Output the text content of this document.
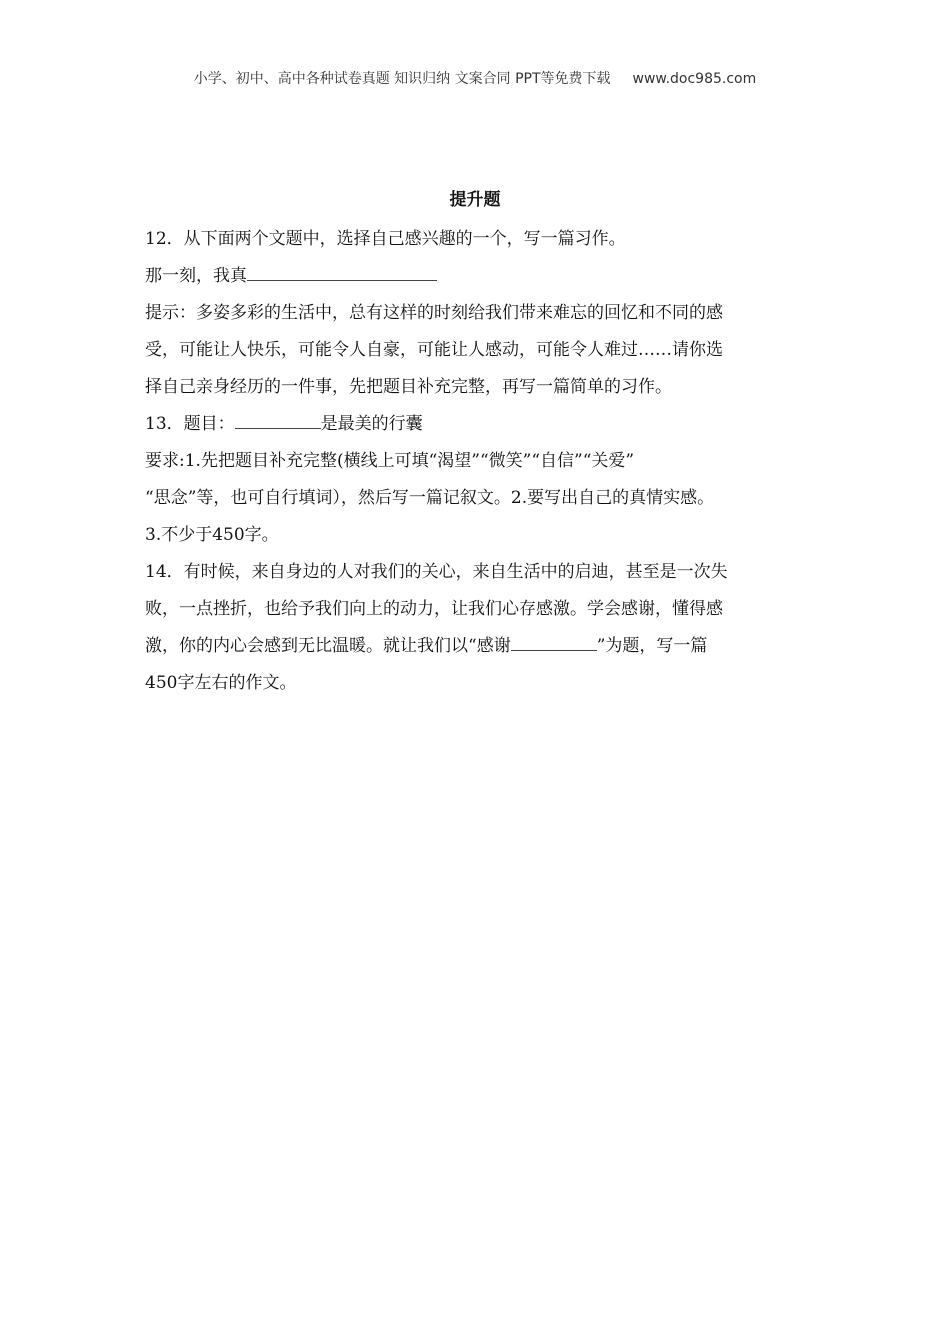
小学、初中、高中各种试卷真题 知识归纳 文案合同 PPT等免费下载 www.doc985.com
提升题
12．从下面两个文题中，选择自己感兴趣的一个，写一篇习作。
那一刻，我真
提示：多姿多彩的生活中，总有这样的时刻给我们带来难忘的回忆和不同的感
受，可能让人快乐，可能令人自豪，可能让人感动，可能令人难过……请你选
择自己亲身经历的一件事，先把题目补充完整，再写一篇简单的习作。
13．题目：	是最美的行囊
要求:1.先把题目补充完整(横线上可填“渴望”“微笑”“自信”“关爱”
“思念”等，也可自行填词），然后写一篇记叙文。2.要写出自己的真情实感。
3.不少于450字。
14．有时候，来自身边的人对我们的关心，来自生活中的启迪，甚至是一次失
败，一点挫折，也给予我们向上的动力，让我们心存感激。学会感谢，懂得感
激，你的内心会感到无比温暖。就让我们以“感谢	”为题，写一篇
450字左右的作文。
